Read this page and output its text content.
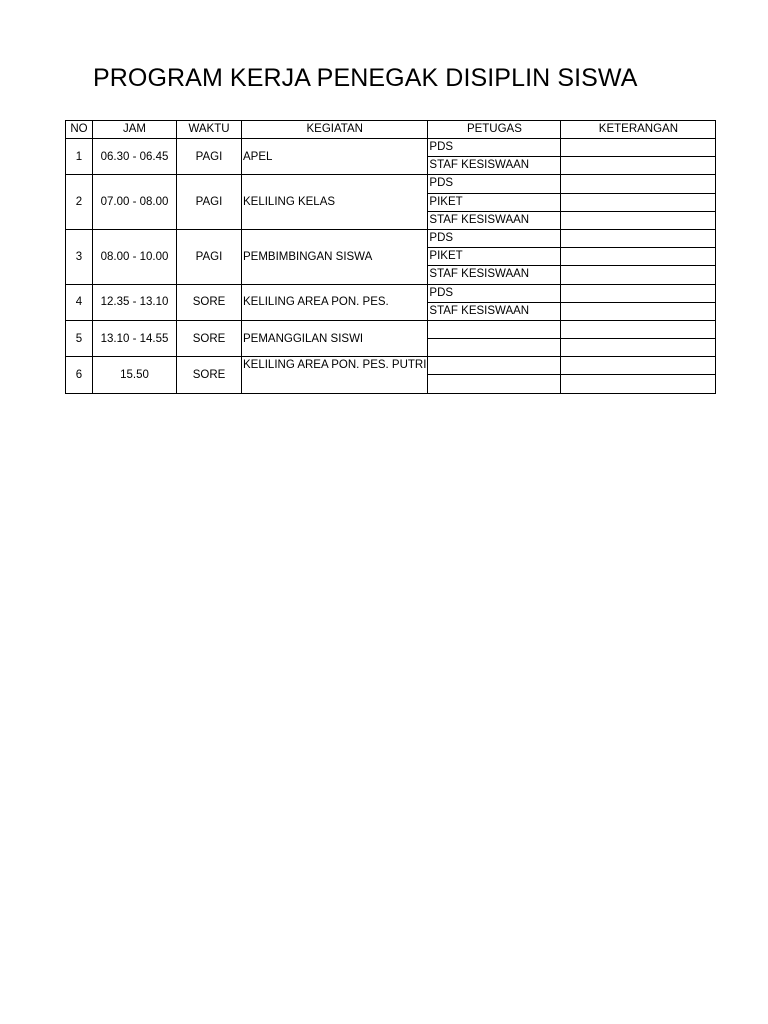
PROGRAM KERJA PENEGAK DISIPLIN SISWA
NO	JAM	WAKTU	KEGIATAN	PETUGAS	KETERANGAN
1	06.30 - 06.45	PAGI	APEL	PDS	
				STAF KESISWAAN	
2	07.00 - 08.00	PAGI	KELILING KELAS	PDS	
				PIKET	
				STAF KESISWAAN	
3	08.00 - 10.00	PAGI	PEMBIMBINGAN SISWA	PDS	
				PIKET	
				STAF KESISWAAN	
4	12.35 - 13.10	SORE	KELILING AREA PON. PES.	PDS	
				STAF KESISWAAN	
5	13.10 - 14.55	SORE	PEMANGGILAN SISWI		

6	15.50	SORE	KELILING AREA PON. PES. PUTRI		
